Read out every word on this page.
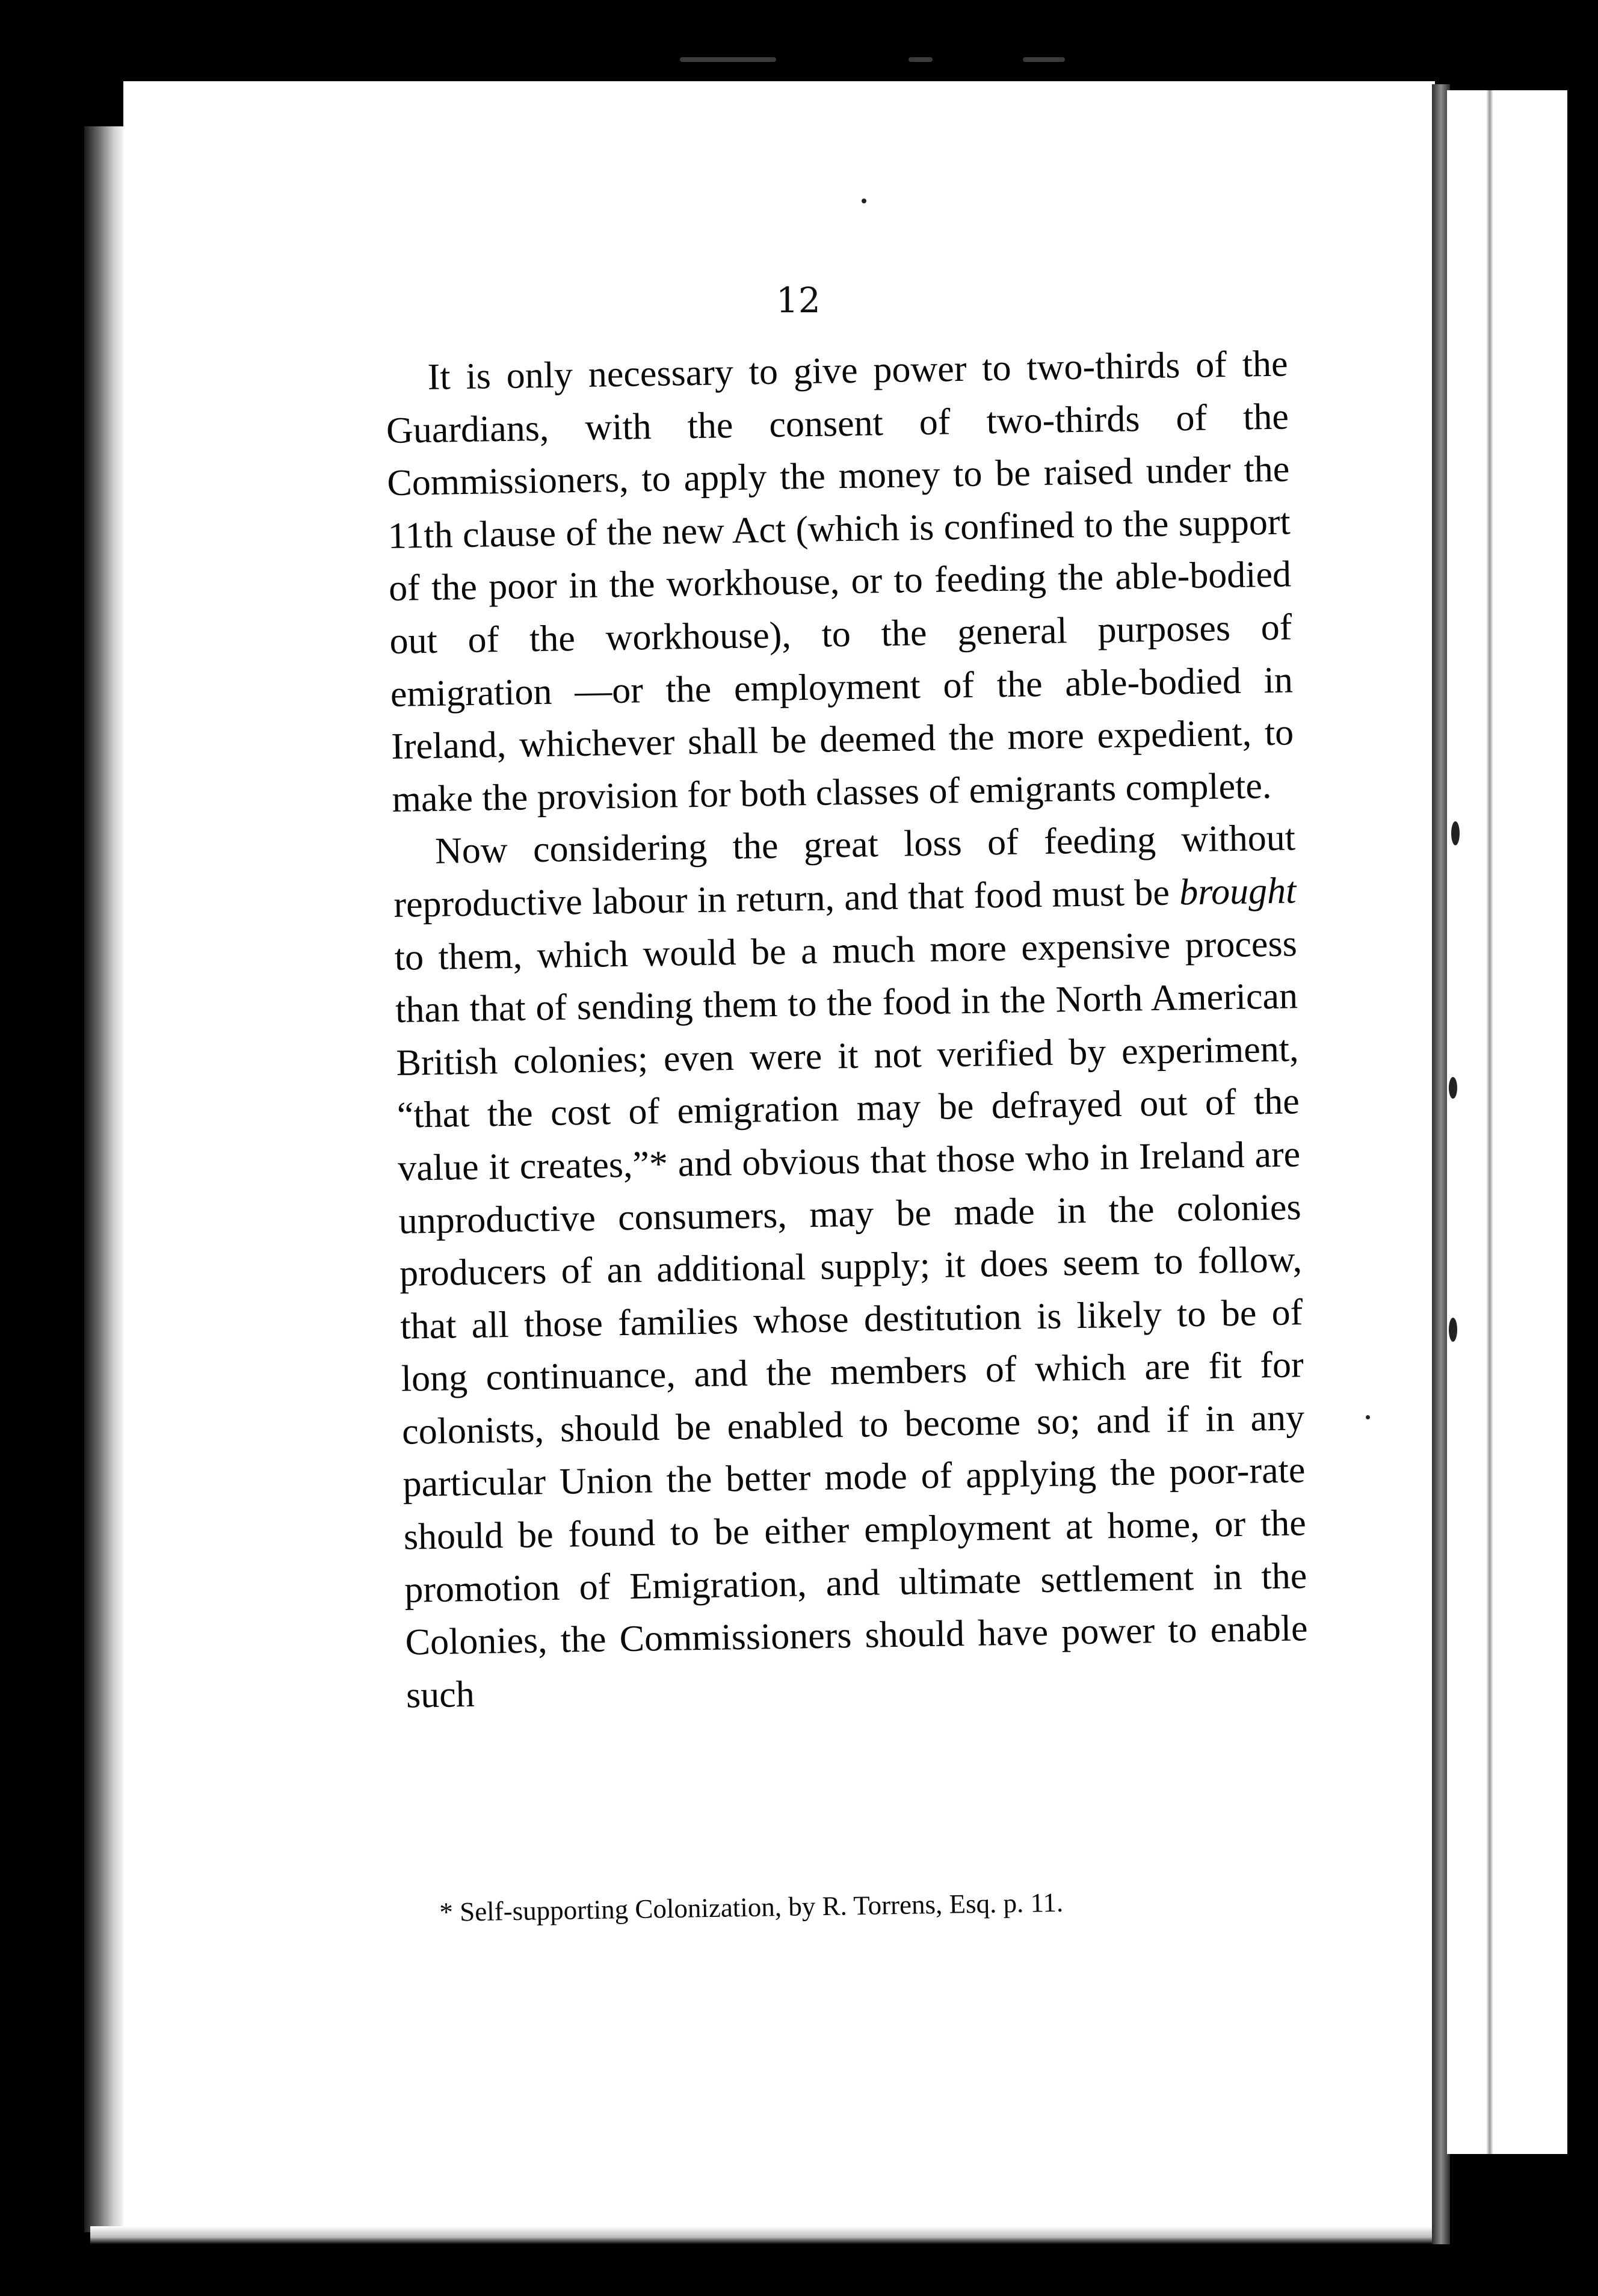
12

It is only necessary to give power to two-thirds of the Guardians, with the consent of two-thirds of the Commissioners, to apply the money to be raised under the 11th clause of the new Act (which is confined to the support of the poor in the workhouse, or to feeding the able-bodied out of the workhouse), to the general purposes of emigration —or the employment of the able-bodied in Ireland, whichever shall be deemed the more expedient, to make the provision for both classes of emigrants complete.

Now considering the great loss of feeding without reproductive labour in return, and that food must be brought to them, which would be a much more expensive process than that of sending them to the food in the North American British colonies; even were it not verified by experiment, “that the cost of emigration may be defrayed out of the value it creates,”* and obvious that those who in Ireland are unproductive consumers, may be made in the colonies producers of an additional supply; it does seem to follow, that all those families whose destitution is likely to be of long continuance, and the members of which are fit for colonists, should be enabled to become so; and if in any particular Union the better mode of applying the poor-rate should be found to be either employment at home, or the promotion of Emigration, and ultimate settlement in the Colonies, the Commissioners should have power to enable such

* Self-supporting Colonization, by R. Torrens, Esq. p. 11.
